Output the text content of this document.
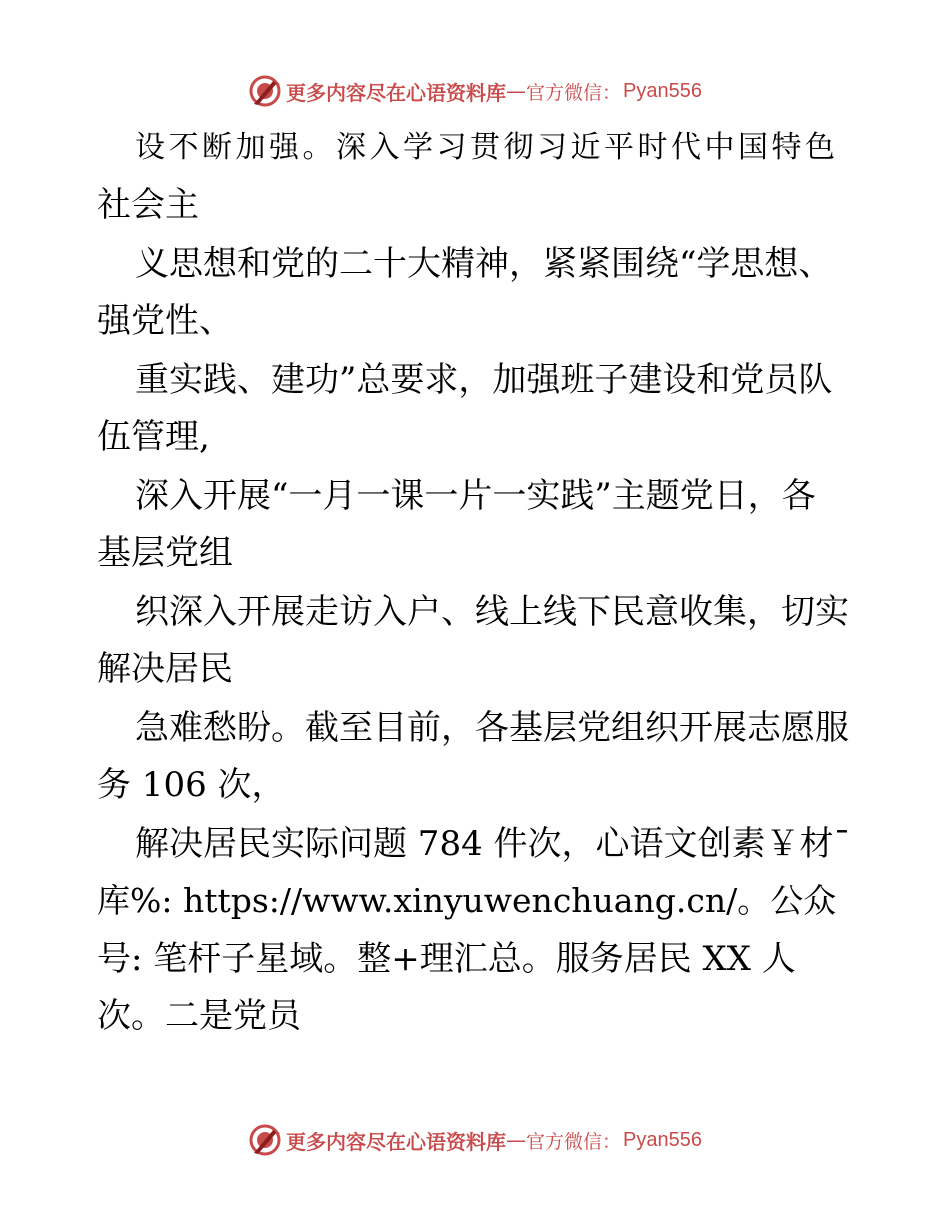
更多内容尽在心语资料库 — 官方微信： Pyan556
设不断加强。深入学习贯彻习近平时代中国特色
社会主
义思想和党的二十大精神，紧紧围绕“学思想、
强党性、
重实践、建功”总要求，加强班子建设和党员队
伍管理,
深入开展“一月一课一片一实践”主题党日，各
基层党组
织深入开展走访入户、线上线下民意收集，切实
解决居民
急难愁盼。截至目前，各基层党组织开展志愿服
务 106 次，
解决居民实际问题 784 件次，心语文创素￥材¯
库%: https://www.xinyuwenchuang.cn/。公众
号: 笔杆子星域。整+理汇总。服务居民 XX 人
次。二是党员
更多内容尽在心语资料库 — 官方微信： Pyan556
